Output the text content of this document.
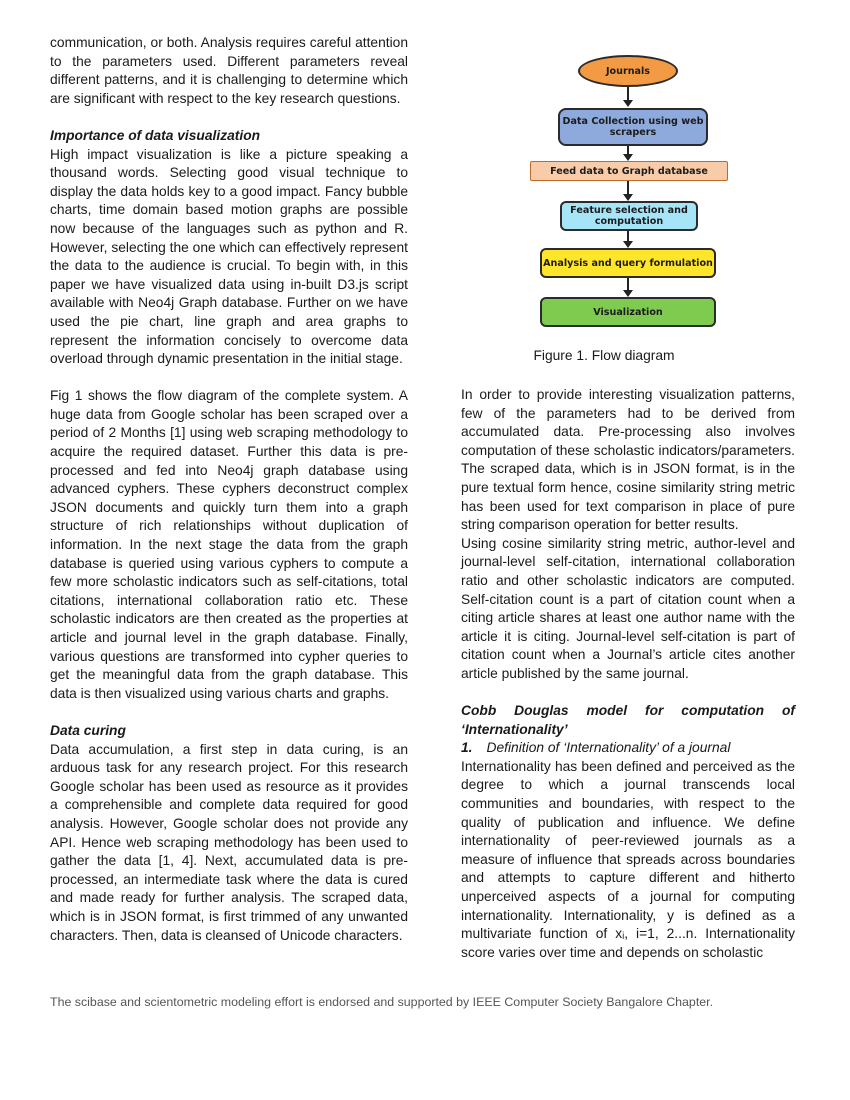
communication, or both. Analysis requires careful attention to the parameters used. Different parameters reveal different patterns, and it is challenging to determine which are significant with respect to the key research questions.

Importance of data visualization

High impact visualization is like a picture speaking a thousand words. Selecting good visual technique to display the data holds key to a good impact. Fancy bubble charts, time domain based motion graphs are possible now because of the languages such as python and R. However, selecting the one which can effectively represent the data to the audience is crucial. To begin with, in this paper we have visualized data using in-built D3.js script available with Neo4j Graph database. Further on we have used the pie chart, line graph and area graphs to represent the information concisely to overcome data overload through dynamic presentation in the initial stage.

Fig 1 shows the flow diagram of the complete system. A huge data from Google scholar has been scraped over a period of 2 Months [1] using web scraping methodology to acquire the required dataset. Further this data is pre-processed and fed into Neo4j graph database using advanced cyphers. These cyphers deconstruct complex JSON documents and quickly turn them into a graph structure of rich relationships without duplication of information. In the next stage the data from the graph database is queried using various cyphers to compute a few more scholastic indicators such as self-citations, total citations, international collaboration ratio etc. These scholastic indicators are then created as the properties at article and journal level in the graph database. Finally, various questions are transformed into cypher queries to get the meaningful data from the graph database. This data is then visualized using various charts and graphs.

Data curing

Data accumulation, a first step in data curing, is an arduous task for any research project. For this research Google scholar has been used as resource as it provides a comprehensible and complete data required for good analysis. However, Google scholar does not provide any API. Hence web scraping methodology has been used to gather the data [1, 4]. Next, accumulated data is pre-processed, an intermediate task where the data is cured and made ready for further analysis. The scraped data, which is in JSON format, is first trimmed of any unwanted characters. Then, data is cleansed of Unicode characters.

Journals
Data Collection using web scrapers
Feed data to Graph database
Feature selection and computation
Analysis and query formulation
Visualization
Figure 1. Flow diagram

In order to provide interesting visualization patterns, few of the parameters had to be derived from accumulated data. Pre-processing also involves computation of these scholastic indicators/parameters. The scraped data, which is in JSON format, is in the pure textual form hence, cosine similarity string metric has been used for text comparison in place of pure string comparison operation for better results.

Using cosine similarity string metric, author-level and journal-level self-citation, international collaboration ratio and other scholastic indicators are computed. Self-citation count is a part of citation count when a citing article shares at least one author name with the article it is citing. Journal-level self-citation is part of citation count when a Journal’s article cites another article published by the same journal.

Cobb Douglas model for computation of ‘Internationality’

1. Definition of ‘Internationality’ of a journal

Internationality has been defined and perceived as the degree to which a journal transcends local communities and boundaries, with respect to the quality of publication and influence. We define internationality of peer-reviewed journals as a measure of influence that spreads across boundaries and attempts to capture different and hitherto unperceived aspects of a journal for computing internationality. Internationality, y is defined as a multivariate function of xᵢ, i=1, 2...n. Internationality score varies over time and depends on scholastic

The scibase and scientometric modeling effort is endorsed and supported by IEEE Computer Society Bangalore Chapter.
